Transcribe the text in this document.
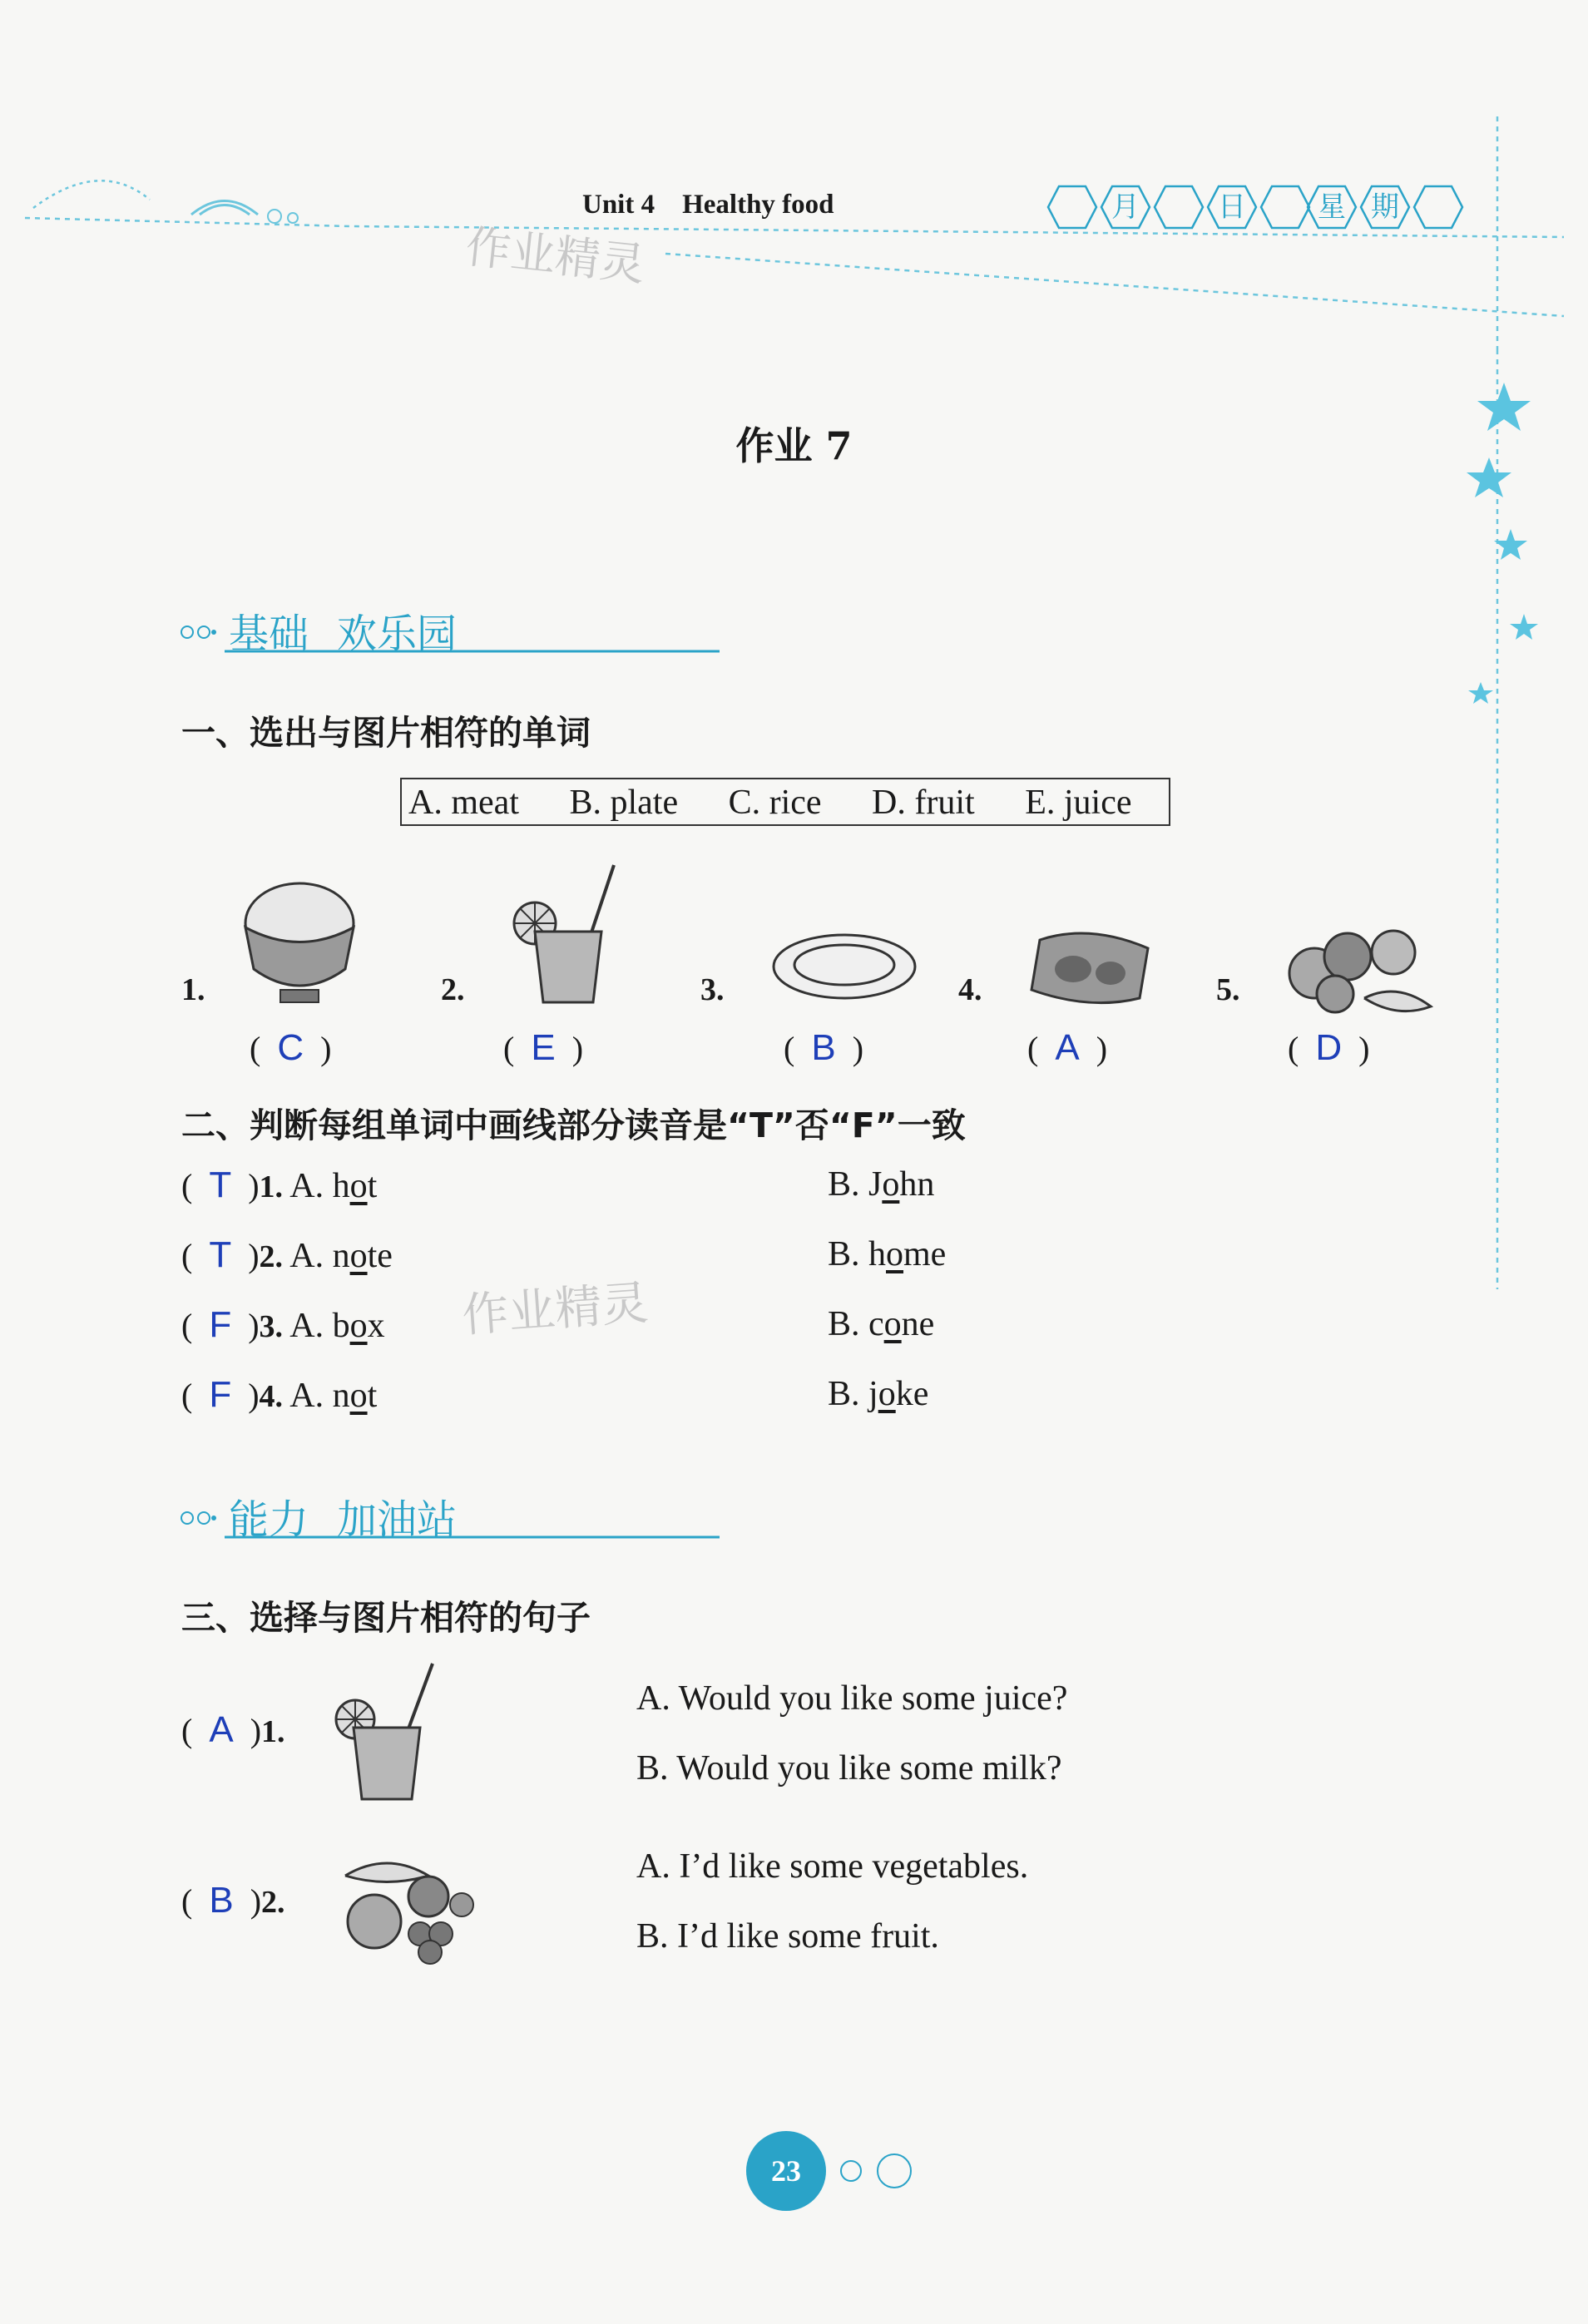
Unit 4 Healthy food
作业精灵
月	日	星 期
作业 7
基础 欢乐园
一、选出与图片相符的单词
A. meat B. plate C. rice D. fruit E. juice
1.
(  C  )
2.
(  E  )
3.
(  B  )
4.
(  A  )
5.
(  D  )
二、判断每组单词中画线部分读音是“T”否“F”一致
(  T  )1. A. hot	B. John
(  T  )2. A. note	B. home
(  F  )3. A. box	B. cone
(  F  )4. A. not	B. joke
作业精灵
能力 加油站
三、选择与图片相符的句子
(  A  )1.
A. Would you like some juice?
B. Would you like some milk?
(  B  )2.
A. I’d like some vegetables.
B. I’d like some fruit.
23
